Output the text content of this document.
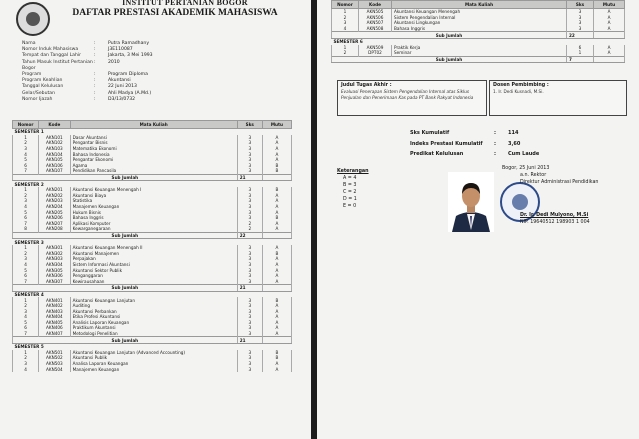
INSTITUT PERTANIAN BOGOR
DAFTAR PRESTASI AKADEMIK MAHASISWA
Nama	:	Putra Ramadhany
Nomor Induk Mahasiswa	:	J3E110087
Tempat dan Tanggal Lahir	:	Jakarta, 3 Mei 1993
Tahun Masuk Institut Pertanian Bogor
:	2010
Program	:	Program Diploma
Program Keahlian	:	Akuntansi
Tanggal Kelulusan	:	22 Juni 2013
Gelar/Sebutan	:	Ahli Madya (A.Md.)
Nomor Ijazah	:	D3/13/0732
Nomor	Kode	Mata Kuliah	Sks	Mutu
SEMESTER 1				
1	AKN101	Dasar Akuntansi	3	A
2	AKN102	Pengantar Bisnis	3	A
3	AKN103	Matematika Ekonomi	3	A
4	AKN104	Bahasa Indonesia	3	A
5	AKN105	Pengantar Ekonomi	3	A
6	AKN106	Agama	3	B
7	AKN107	Pendidikan Pancasila	3	B
Sub Jumlah			21	
SEMESTER 2				
1	AKN201	Akuntansi Keuangan Menengah I	3	B
2	AKN202	Akuntansi Biaya	3	A
3	AKN203	Statistika	3	A
4	AKN204	Manajemen Keuangan	3	A
5	AKN205	Hukum Bisnis	3	A
6	AKN206	Bahasa Inggris	3	B
7	AKN207	Aplikasi Komputer	2	A
8	AKN208	Kewarganegaraan	2	A
Sub Jumlah			22	
SEMESTER 3				
1	AKN301	Akuntansi Keuangan Menengah II	3	A
2	AKN302	Akuntansi Manajemen	3	B
3	AKN303	Perpajakan	3	A
4	AKN304	Sistem Informasi Akuntansi	3	A
5	AKN305	Akuntansi Sektor Publik	3	A
6	AKN306	Penganggaran	3	A
7	AKN307	Kewirausahaan	3	A
Sub Jumlah			21	
SEMESTER 4				
1	AKN401	Akuntansi Keuangan Lanjutan	3	B
2	AKN402	Auditing	3	A
3	AKN403	Akuntansi Perbankan	3	A
4	AKN404	Etika Profesi Akuntansi	3	A
5	AKN405	Analisis Laporan Keuangan	3	A
6	AKN406	Praktikum Akuntansi	3	A
7	AKN407	Metodologi Penelitian	3	A
Sub Jumlah			21	
SEMESTER 5				
1	AKN501	Akuntansi Keuangan Lanjutan (Advanced Accounting)	3	B
2	AKN502	Akuntansi Publik	3	B
3	AKN503	Analisa Laporan Keuangan	3	A
4	AKN504	Manajemen Keuangan	3	A
Nomor	Kode	Mata Kuliah	Sks	Mutu
1	AKN505	Akuntansi Keuangan Menengah	3	A
2	AKN506	Sistem Pengendalian Internal	3	A
3	AKN507	Akuntansi Lingkungan	3	A
4	AKN508	Bahasa Inggris	3	A
Sub Jumlah			22	
SEMESTER 6				
1	AKN509	Praktik Kerja	6	A
2	DPT02	Seminar	1	A
Sub Jumlah			7	
Judul Tugas Akhir :
Evaluasi Penerapan Sistem Pengendalian Internal atas Siklus Penjualan dan Penerimaan Kas pada PT Bank Rakyat Indonesia
Dosen Pembimbing :
1. Ir. Dedi Kusnadi, M.Si.
Sks Kumulatif	:	114
Indeks Prestasi Kumulatif	:	3,60
Predikat Kelulusan	:	Cum Laude
Keterangan
A = 4
B = 3
C = 2
D = 1
E = 0
Bogor, 25 Juni 2013
a.n. Rektor
Direktur Administrasi Pendidikan
Dr. Ir. Dedi Mulyono, M.Si
NIP. 19640512 198903 1 004
